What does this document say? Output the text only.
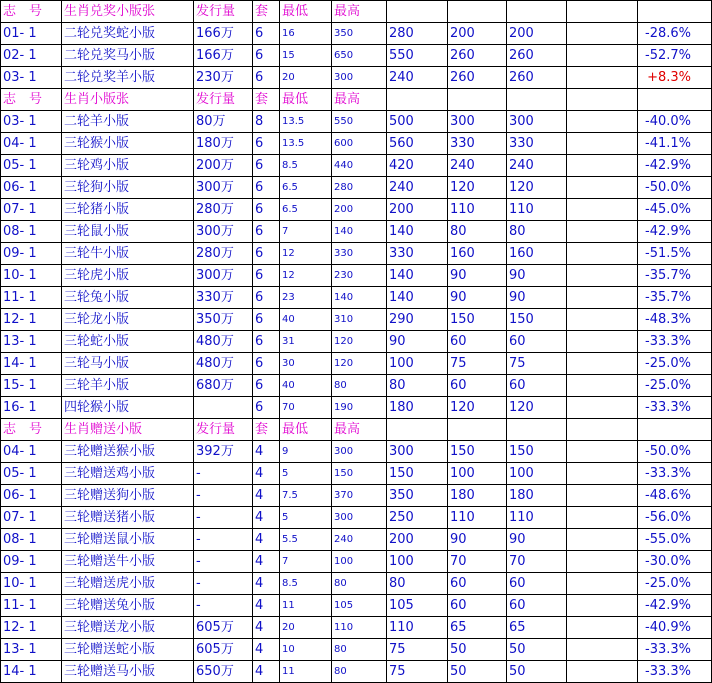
志　号	生肖兑奖小版张	发行量	套	最低	最高					
01- 1	二轮兑奖蛇小版	166万	6	16	350	280	200	200		-28.6%
02- 1	二轮兑奖马小版	166万	6	15	650	550	260	260		-52.7%
03- 1	二轮兑奖羊小版	230万	6	20	300	240	260	260		+8.3%
志　号	生肖小版张	发行量	套	最低	最高					
03- 1	二轮羊小版	80万	8	13.5	550	500	300	300		-40.0%
04- 1	三轮猴小版	180万	6	13.5	600	560	330	330		-41.1%
05- 1	三轮鸡小版	200万	6	8.5	440	420	240	240		-42.9%
06- 1	三轮狗小版	300万	6	6.5	280	240	120	120		-50.0%
07- 1	三轮猪小版	280万	6	6.5	200	200	110	110		-45.0%
08- 1	三轮鼠小版	300万	6	7	140	140	80	80		-42.9%
09- 1	三轮牛小版	280万	6	12	330	330	160	160		-51.5%
10- 1	三轮虎小版	300万	6	12	230	140	90	90		-35.7%
11- 1	三轮兔小版	330万	6	23	140	140	90	90		-35.7%
12- 1	三轮龙小版	350万	6	40	310	290	150	150		-48.3%
13- 1	三轮蛇小版	480万	6	31	120	90	60	60		-33.3%
14- 1	三轮马小版	480万	6	30	120	100	75	75		-25.0%
15- 1	三轮羊小版	680万	6	40	80	80	60	60		-25.0%
16- 1	四轮猴小版		6	70	190	180	120	120		-33.3%
志　号	生肖赠送小版	发行量	套	最低	最高					
04- 1	三轮赠送猴小版	392万	4	9	300	300	150	150		-50.0%
05- 1	三轮赠送鸡小版	-	4	5	150	150	100	100		-33.3%
06- 1	三轮赠送狗小版	-	4	7.5	370	350	180	180		-48.6%
07- 1	三轮赠送猪小版	-	4	5	300	250	110	110		-56.0%
08- 1	三轮赠送鼠小版	-	4	5.5	240	200	90	90		-55.0%
09- 1	三轮赠送牛小版	-	4	7	100	100	70	70		-30.0%
10- 1	三轮赠送虎小版	-	4	8.5	80	80	60	60		-25.0%
11- 1	三轮赠送兔小版	-	4	11	105	105	60	60		-42.9%
12- 1	三轮赠送龙小版	605万	4	20	110	110	65	65		-40.9%
13- 1	三轮赠送蛇小版	605万	4	10	80	75	50	50		-33.3%
14- 1	三轮赠送马小版	650万	4	11	80	75	50	50		-33.3%
